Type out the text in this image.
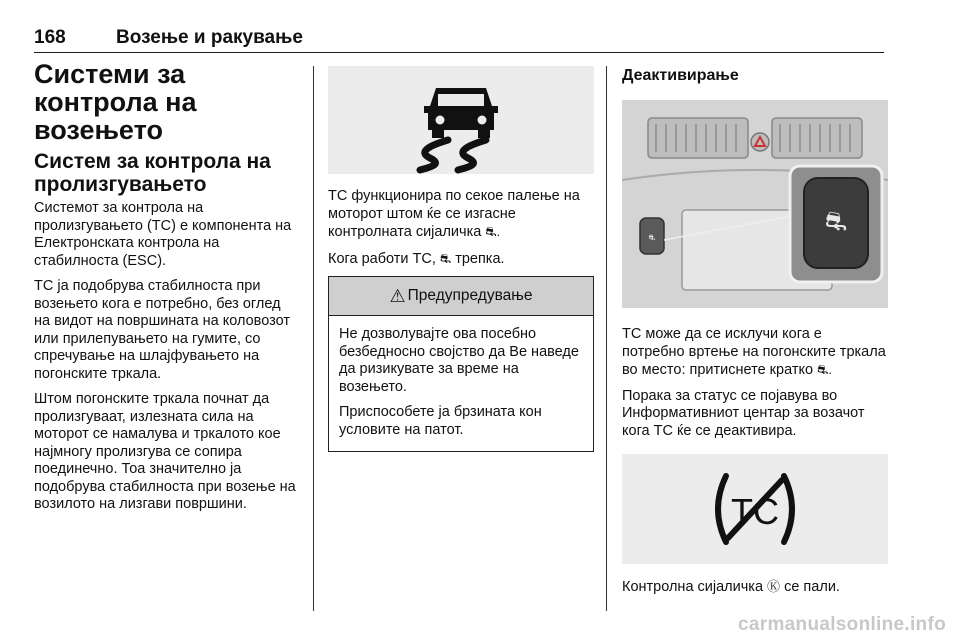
168	Возење и ракување
Системи за контрола на возењето
Систем за контрола на пролизгувањето

Системот за контрола на пролизгувањето (TC) е компонента на Електронската контрола на стабилноста (ESC).

TC ја подобрува стабилноста при возењето кога е потребно, без оглед на видот на површината на коловозот или прилепувањето на гумите, со спречување на шлајфувањето на погонските тркала.

Штом погонските тркала почнат да пролизгуваат, излезната сила на моторот се намалува и тркалото кое најмногу пролизгува се сопира поединечно. Тоа значително ја подобрува стабилноста при возење на возилото на лизгави површини.

TC функционира по секое палење на моторот штом ќе се изгасне контролната сијаличка ⛐.

Кога работи TC, ⛐ трепка.

⚠ Предупредување

Не дозволувајте ова посебно безбедносно својство да Ве наведе да ризикувате за време на возењето.

Приспособете ја брзината кон условите на патот.

Деактивирање
⛐
⛐

TC може да се исклучи кога е потребно вртење на погонските тркала во место: притиснете кратко ⛐.

Порака за статус се појавува во Информативниот центар за возачот кога TC ќе се деактивира.

TC

Контролна сијаличка Ⓚ се пали.

carmanualsonline.info
